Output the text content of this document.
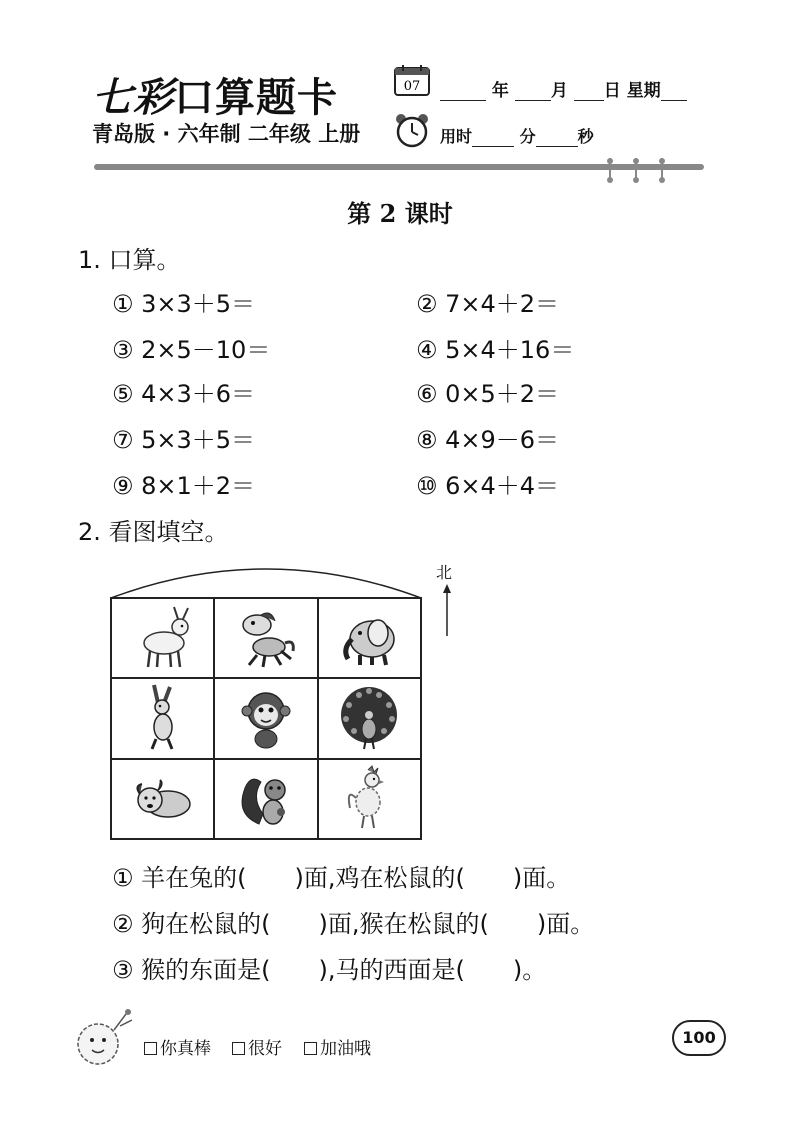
七彩口算题卡
青岛版 · 六年制 二年级 上册
07	年 月 日 星期
用时	分	秒
第 2 课时
1. 口算。
① 3×3＋5＝	② 7×4＋2＝
③ 2×5－10＝	④ 5×4＋16＝
⑤ 4×3＋6＝	⑥ 0×5＋2＝
⑦ 5×3＋5＝	⑧ 4×9－6＝
⑨ 8×1＋2＝	⑩ 6×4＋4＝
2. 看图填空。
北
① 羊在兔的(　　)面,鸡在松鼠的(　　)面。
② 狗在松鼠的(　　)面,猴在松鼠的(　　)面。
③ 猴的东面是(　　),马的西面是(　　)。
你真棒	很好	加油哦
100
